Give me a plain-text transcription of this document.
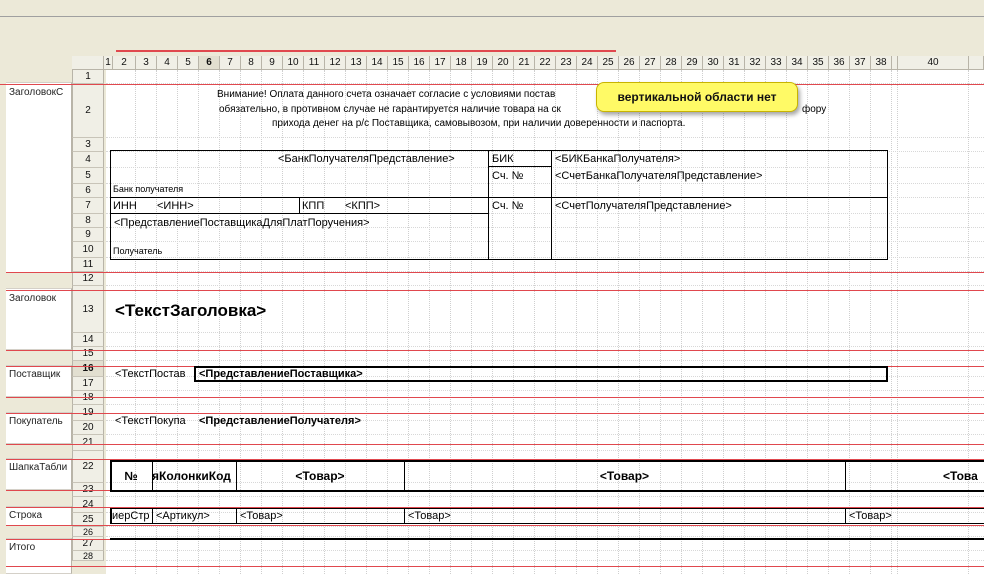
1	2	3	4	5	6	7	8	9	10	11	12 13 14 15 16 17 18 19 20 21 22 23 24 25 26 27 28 29 30 31 32 33 34 35 36 37 38	40
1
2
3
4
5
6
7
8
9
10
11
12
13
14
15
16
17
18
19
20
21
22
23
24
25
26
27
28
ЗаголовокС
Заголовок
Поставщик
Покупатель
ШапкаТабли
Строка
Итого
Внимание! Оплата данного счета означает согласие с условиями постав
обязательно, в противном случае не гарантируется наличие товара на ск	фору
прихода денег на р/с Поставщика, самовывозом, при наличии доверенности и паспорта.
<БанкПолучателяПредставление>	БИК	<БИКБанкаПолучателя>
Сч. №	<СчетБанкаПолучателяПредставление>
Банк получателя
ИНН <ИНН>	КПП <КПП>	Сч. №	<СчетПолучателяПредставление>
<ПредставлениеПоставщикаДляПлатПоручения>
Получатель
<ТекстЗаголовка>
<ТекстПостав	<ПредставлениеПоставщика>
<ТекстПокупа	<ПредставлениеПолучателя>
№	яКолонкиКод	<Товар>	<Товар>	<Това
иерСтр <Артикул>	<Товар>	<Товар>	<Товар>
вертикальной области нет
